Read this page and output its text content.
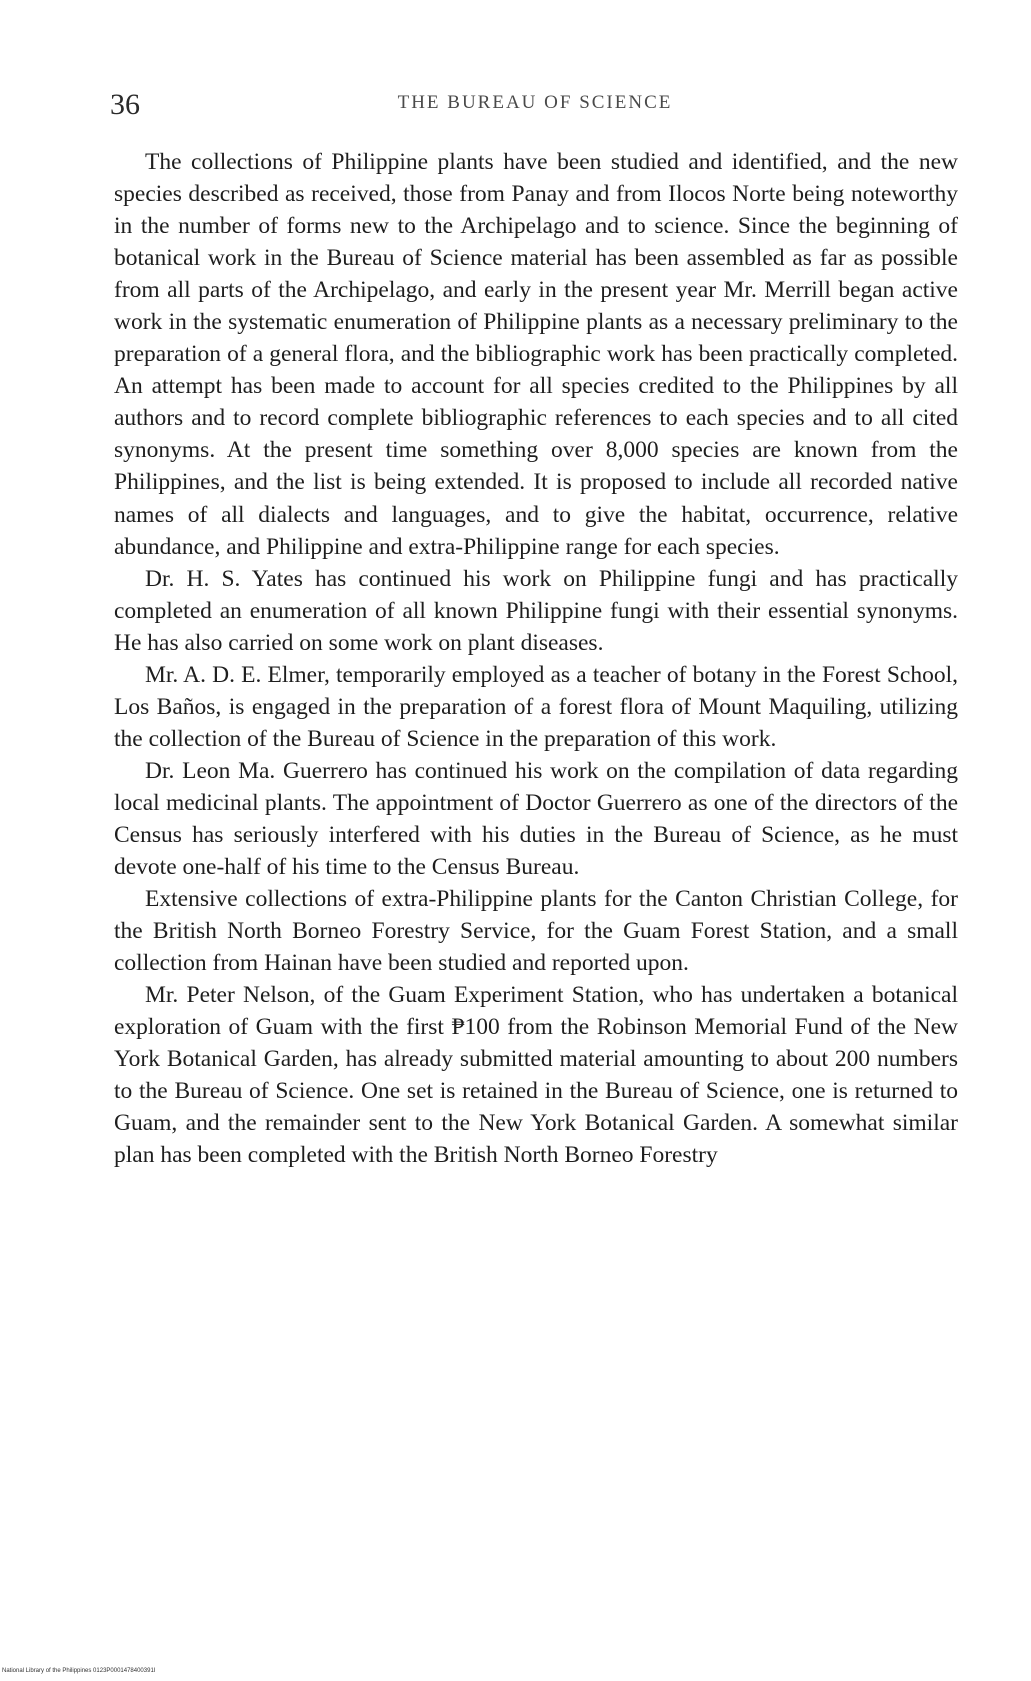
36	THE BUREAU OF SCIENCE

The collections of Philippine plants have been studied and identified, and the new species described as received, those from Panay and from Ilocos Norte being noteworthy in the number of forms new to the Archipelago and to science. Since the beginning of botanical work in the Bureau of Science material has been assembled as far as possible from all parts of the Archipelago, and early in the present year Mr. Merrill began active work in the systematic enumeration of Philippine plants as a necessary preliminary to the preparation of a general flora, and the bibliographic work has been practically completed. An attempt has been made to account for all species credited to the Philippines by all authors and to record complete bibliographic references to each species and to all cited synonyms. At the present time something over 8,000 species are known from the Philippines, and the list is being extended. It is proposed to include all recorded native names of all dialects and languages, and to give the habitat, occurrence, relative abundance, and Philippine and extra-Philippine range for each species.

Dr. H. S. Yates has continued his work on Philippine fungi and has practically completed an enumeration of all known Philippine fungi with their essential synonyms. He has also carried on some work on plant diseases.

Mr. A. D. E. Elmer, temporarily employed as a teacher of botany in the Forest School, Los Baños, is engaged in the preparation of a forest flora of Mount Maquiling, utilizing the collection of the Bureau of Science in the preparation of this work.

Dr. Leon Ma. Guerrero has continued his work on the compilation of data regarding local medicinal plants. The appointment of Doctor Guerrero as one of the directors of the Census has seriously interfered with his duties in the Bureau of Science, as he must devote one-half of his time to the Census Bureau.

Extensive collections of extra-Philippine plants for the Canton Christian College, for the British North Borneo Forestry Service, for the Guam Forest Station, and a small collection from Hainan have been studied and reported upon.

Mr. Peter Nelson, of the Guam Experiment Station, who has undertaken a botanical exploration of Guam with the first ₱100 from the Robinson Memorial Fund of the New York Botanical Garden, has already submitted material amounting to about 200 numbers to the Bureau of Science. One set is retained in the Bureau of Science, one is returned to Guam, and the remainder sent to the New York Botanical Garden. A somewhat similar plan has been completed with the British North Borneo Forestry

National Library of the Philippines 0123P0001478400391I
